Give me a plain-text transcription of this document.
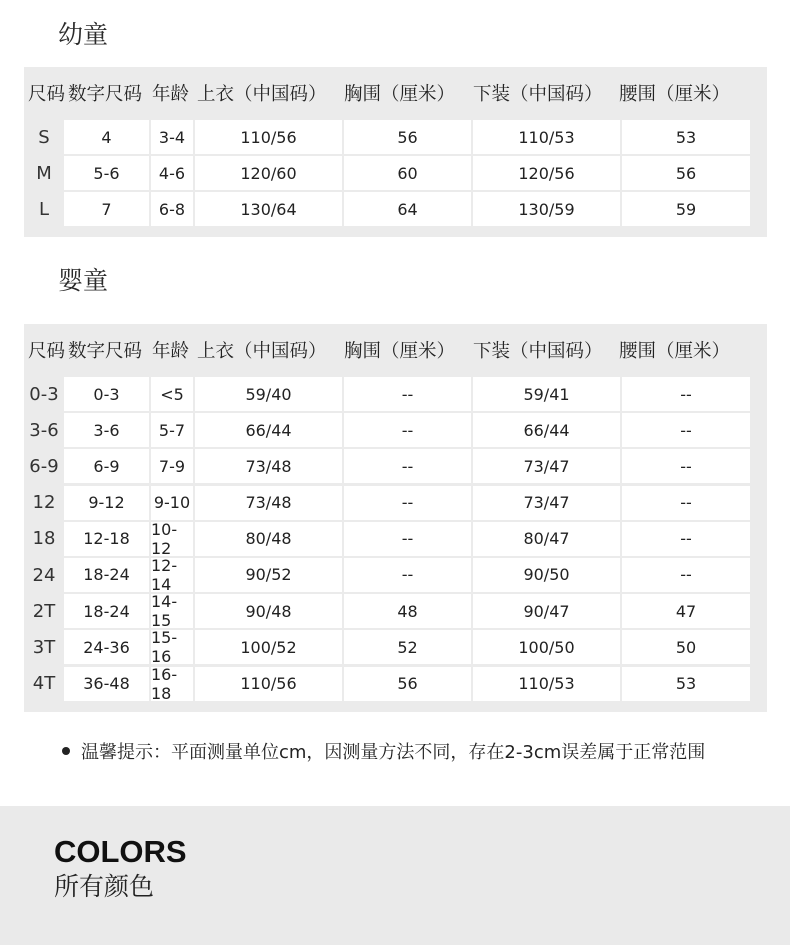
幼童
尺码 数字尺码 年龄 上衣（中国码） 胸围（厘米） 下装（中国码） 腰围（厘米）
S	4	3-4	110/56	56	110/53	53
M	5-6	4-6	120/60	60	120/56	56
L	7	6-8	130/64	64	130/59	59
婴童
尺码 数字尺码 年龄 上衣（中国码） 胸围（厘米） 下装（中国码） 腰围（厘米）
0-3	0-3	<5	59/40	--	59/41	--
3-6	3-6	5-7	66/44	--	66/44	--
6-9	6-9	7-9	73/48	--	73/47	--
12	9-12	9-10	73/48	--	73/47	--
18	12-18	10-12	80/48	--	80/47	--
24	18-24	12-14	90/52	--	90/50	--
2T	18-24	14-15	90/48	48	90/47	47
3T	24-36	15-16	100/52	52	100/50	50
4T	36-48	16-18	110/56	56	110/53	53
温馨提示：平面测量单位cm，因测量方法不同，存在2-3cm误差属于正常范围
COLORS
所有颜色
